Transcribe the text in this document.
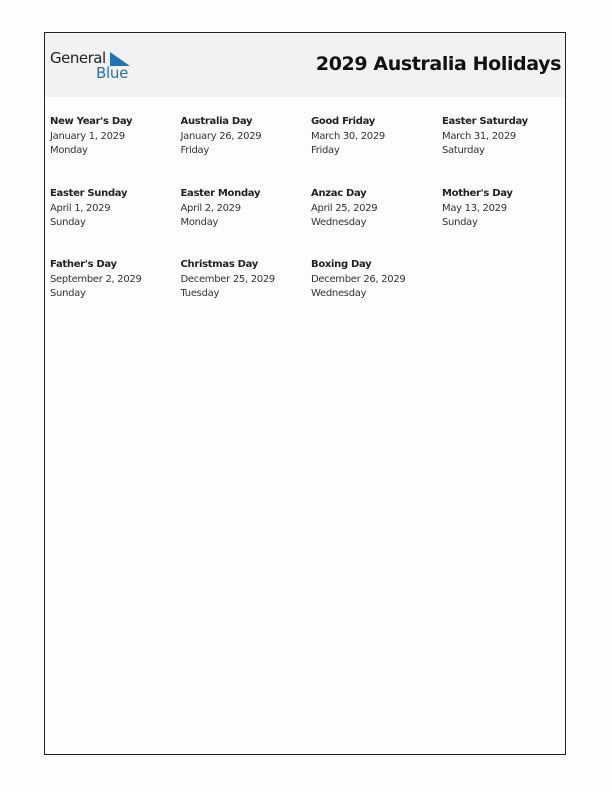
General
Blue	2029 Australia Holidays
New Year's Day
January 1, 2029
Monday
Australia Day
January 26, 2029
Friday
Good Friday
March 30, 2029
Friday
Easter Saturday
March 31, 2029
Saturday
Easter Sunday
April 1, 2029
Sunday
Easter Monday
April 2, 2029
Monday
Anzac Day
April 25, 2029
Wednesday
Mother's Day
May 13, 2029
Sunday
Father's Day
September 2, 2029
Sunday
Christmas Day
December 25, 2029
Tuesday
Boxing Day
December 26, 2029
Wednesday
